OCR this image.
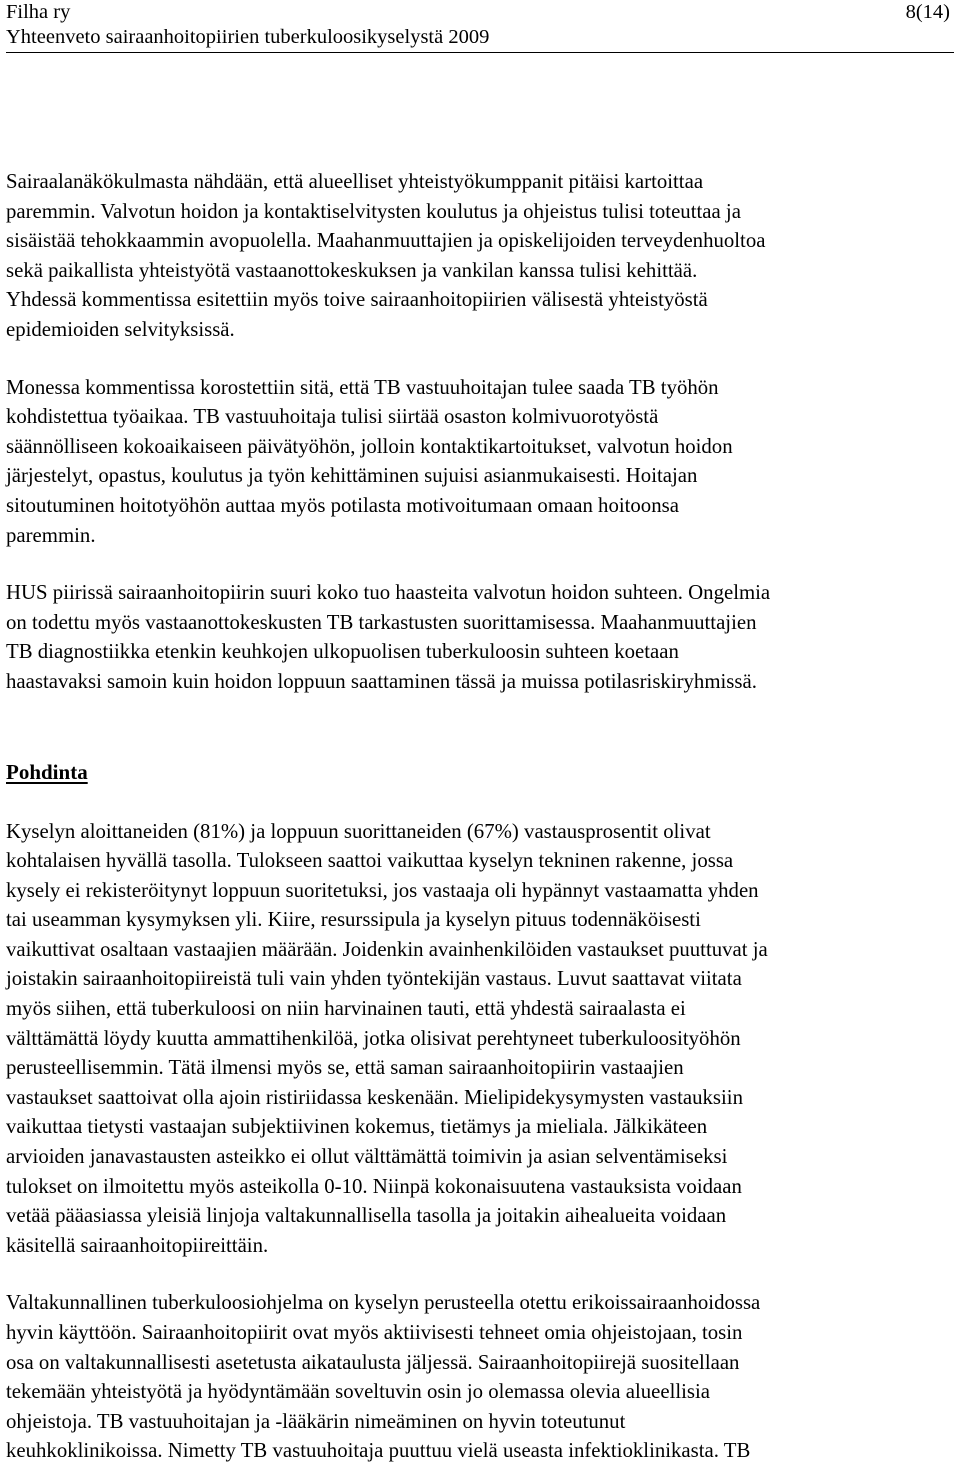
Filha ry
Yhteenveto sairaanhoitopiirien tuberkuloosikyselystä 2009
8(14)

Sairaalanäkökulmasta nähdään, että alueelliset yhteistyökumppanit pitäisi kartoittaa
paremmin. Valvotun hoidon ja kontaktiselvitysten koulutus ja ohjeistus tulisi toteuttaa ja
sisäistää tehokkaammin avopuolella. Maahanmuuttajien ja opiskelijoiden terveydenhuoltoa
sekä paikallista yhteistyötä vastaanottokeskuksen ja vankilan kanssa tulisi kehittää.
Yhdessä kommentissa esitettiin myös toive sairaanhoitopiirien välisestä yhteistyöstä
epidemioiden selvityksissä.

Monessa kommentissa korostettiin sitä, että TB vastuuhoitajan tulee saada TB työhön
kohdistettua työaikaa. TB vastuuhoitaja tulisi siirtää osaston kolmivuorotyöstä
säännölliseen kokoaikaiseen päivätyöhön, jolloin kontaktikartoitukset, valvotun hoidon
järjestelyt, opastus, koulutus ja työn kehittäminen sujuisi asianmukaisesti. Hoitajan
sitoutuminen hoitotyöhön auttaa myös potilasta motivoitumaan omaan hoitoonsa
paremmin.

HUS piirissä sairaanhoitopiirin suuri koko tuo haasteita valvotun hoidon suhteen. Ongelmia
on todettu myös vastaanottokeskusten TB tarkastusten suorittamisessa. Maahanmuuttajien
TB diagnostiikka etenkin keuhkojen ulkopuolisen tuberkuloosin suhteen koetaan
haastavaksi samoin kuin hoidon loppuun saattaminen tässä ja muissa potilasriskiryhmissä.

Pohdinta

Kyselyn aloittaneiden (81%) ja loppuun suorittaneiden (67%) vastausprosentit olivat
kohtalaisen hyvällä tasolla. Tulokseen saattoi vaikuttaa kyselyn tekninen rakenne, jossa
kysely ei rekisteröitynyt loppuun suoritetuksi, jos vastaaja oli hypännyt vastaamatta yhden
tai useamman kysymyksen yli. Kiire, resurssipula ja kyselyn pituus todennäköisesti
vaikuttivat osaltaan vastaajien määrään. Joidenkin avainhenkilöiden vastaukset puuttuvat ja
joistakin sairaanhoitopiireistä tuli vain yhden työntekijän vastaus. Luvut saattavat viitata
myös siihen, että tuberkuloosi on niin harvinainen tauti, että yhdestä sairaalasta ei
välttämättä löydy kuutta ammattihenkilöä, jotka olisivat perehtyneet tuberkuloosityöhön
perusteellisemmin. Tätä ilmensi myös se, että saman sairaanhoitopiirin vastaajien
vastaukset saattoivat olla ajoin ristiriidassa keskenään. Mielipidekysymysten vastauksiin
vaikuttaa tietysti vastaajan subjektiivinen kokemus, tietämys ja mieliala. Jälkikäteen
arvioiden janavastausten asteikko ei ollut välttämättä toimivin ja asian selventämiseksi
tulokset on ilmoitettu myös asteikolla 0-10. Niinpä kokonaisuutena vastauksista voidaan
vetää pääasiassa yleisiä linjoja valtakunnallisella tasolla ja joitakin aihealueita voidaan
käsitellä sairaanhoitopiireittäin.

Valtakunnallinen tuberkuloosiohjelma on kyselyn perusteella otettu erikoissairaanhoidossa
hyvin käyttöön. Sairaanhoitopiirit ovat myös aktiivisesti tehneet omia ohjeistojaan, tosin
osa on valtakunnallisesti asetetusta aikataulusta jäljessä. Sairaanhoitopiirejä suositellaan
tekemään yhteistyötä ja hyödyntämään soveltuvin osin jo olemassa olevia alueellisia
ohjeistoja. TB vastuuhoitajan ja -lääkärin nimeäminen on hyvin toteutunut
keuhkoklinikoissa. Nimetty TB vastuuhoitaja puuttuu vielä useasta infektioklinikasta. TB
